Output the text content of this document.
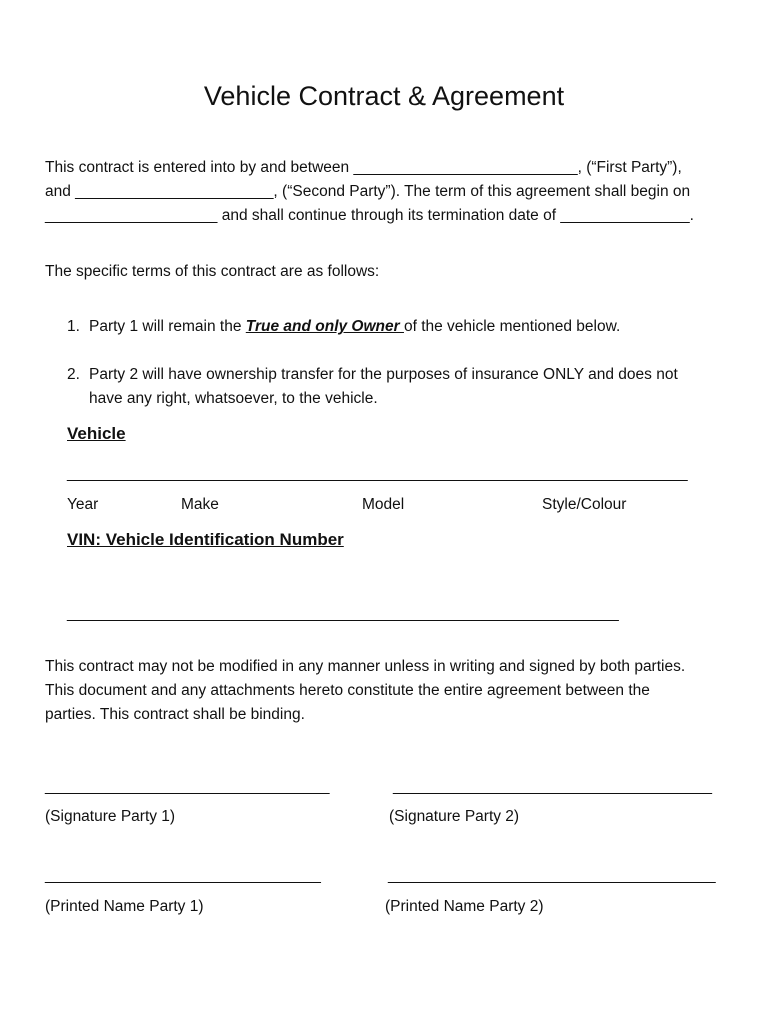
Vehicle Contract & Agreement
This contract is entered into by and between __________________________, (“First Party”),
and _______________________, (“Second Party”). The term of this agreement shall begin on
____________________ and shall continue through its termination date of _______________.
The specific terms of this contract are as follows:
1. Party 1 will remain the True and only Owner of the vehicle mentioned below.
2. Party 2 will have ownership transfer for the purposes of insurance ONLY and does not
have any right, whatsoever, to the vehicle.
Vehicle
________________________________________________________________________
Year	Make	Model	Style/Colour
VIN: Vehicle Identification Number
________________________________________________________________
This contract may not be modified in any manner unless in writing and signed by both parties.
This document and any attachments hereto constitute the entire agreement between the
parties. This contract shall be binding.
_________________________________	_____________________________________
(Signature Party 1)	(Signature Party 2)
________________________________	______________________________________
(Printed Name Party 1)	(Printed Name Party 2)
